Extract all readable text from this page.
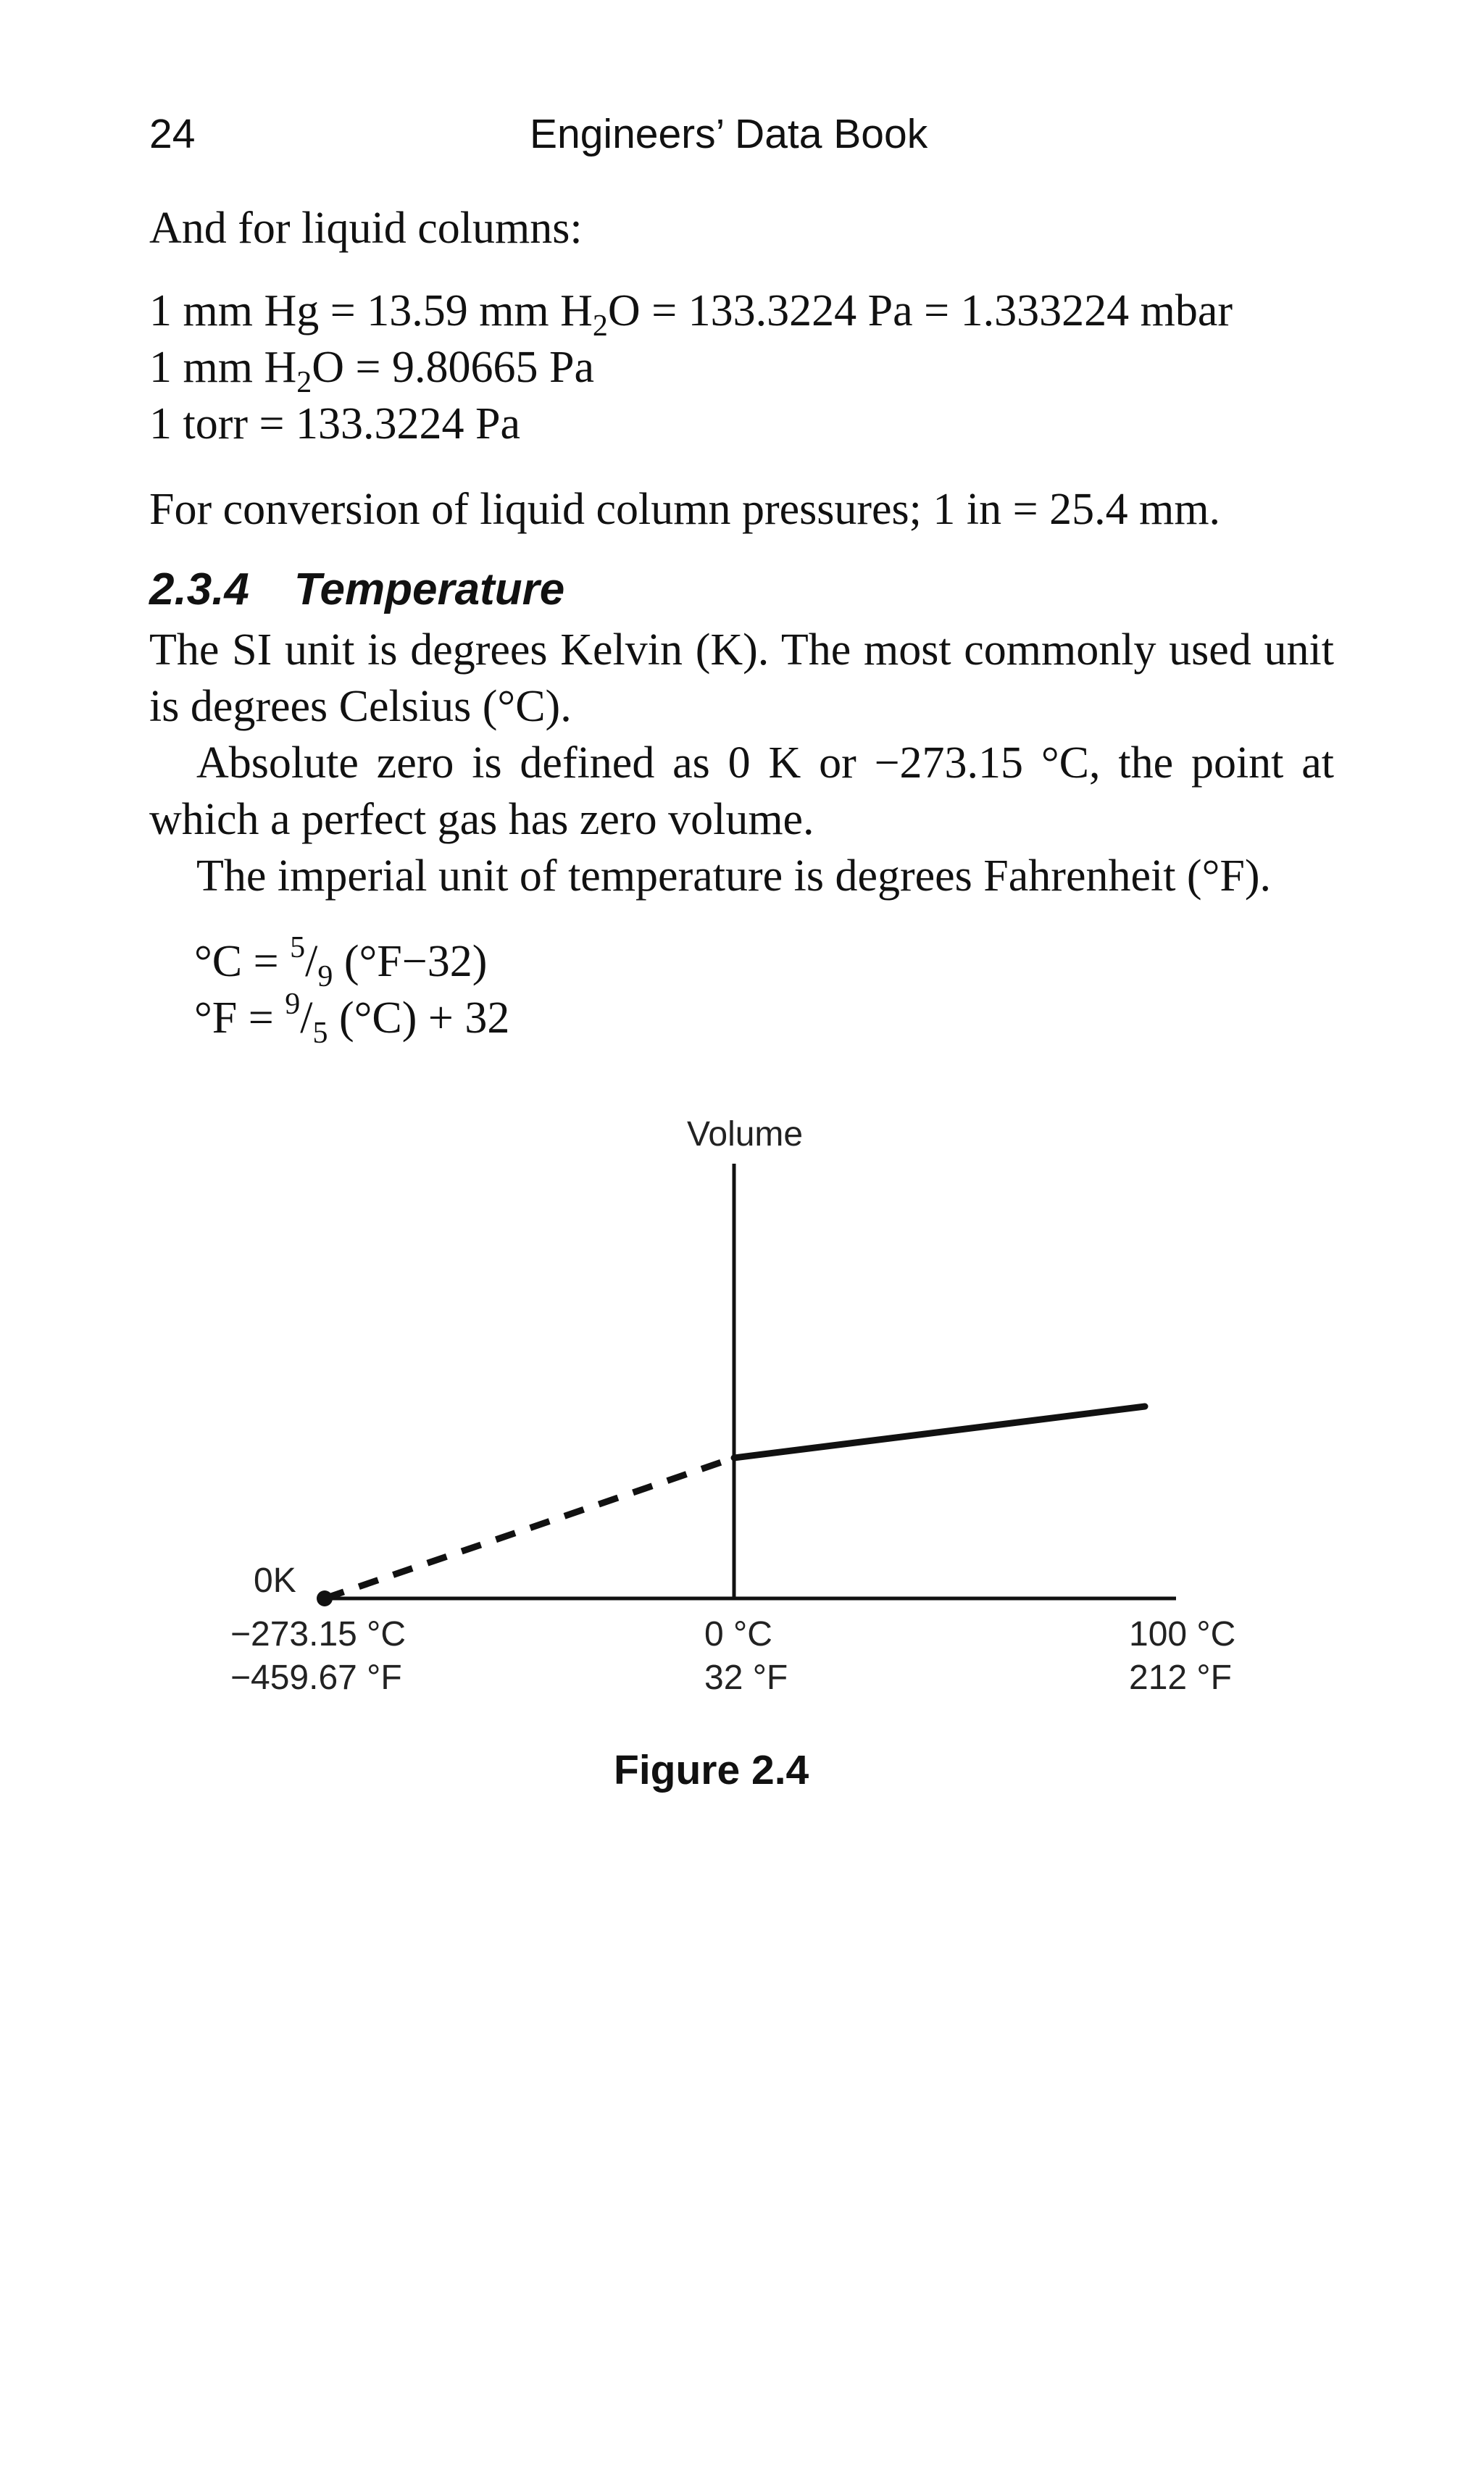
24	Engineers’ Data Book
And for liquid columns:
1 mm Hg = 13.59 mm $H_2O = 133.3224$ Pa = 1.333224 mbar
1 mm $H_2O = 9.80665$ Pa
1 torr = 133.3224 Pa
For conversion of liquid column pressures; 1 in = 25.4 mm.
2.3.4 Temperature
The SI unit is degrees Kelvin (K). The most commonly used unit is degrees Celsius (°C).
Absolute zero is defined as 0 K or −273.15 °C, the point at which a perfect gas has zero volume.
The imperial unit of temperature is degrees Fahrenheit (°F).
$^\circ C = ^5/_9$ (°F−32)
$^\circ F = ^9/_5$ (°C) + 32
Volume
0K
−273.15 °C
−459.67 °F
0 °C
32 °F
100 °C
212 °F
Figure 2.4
